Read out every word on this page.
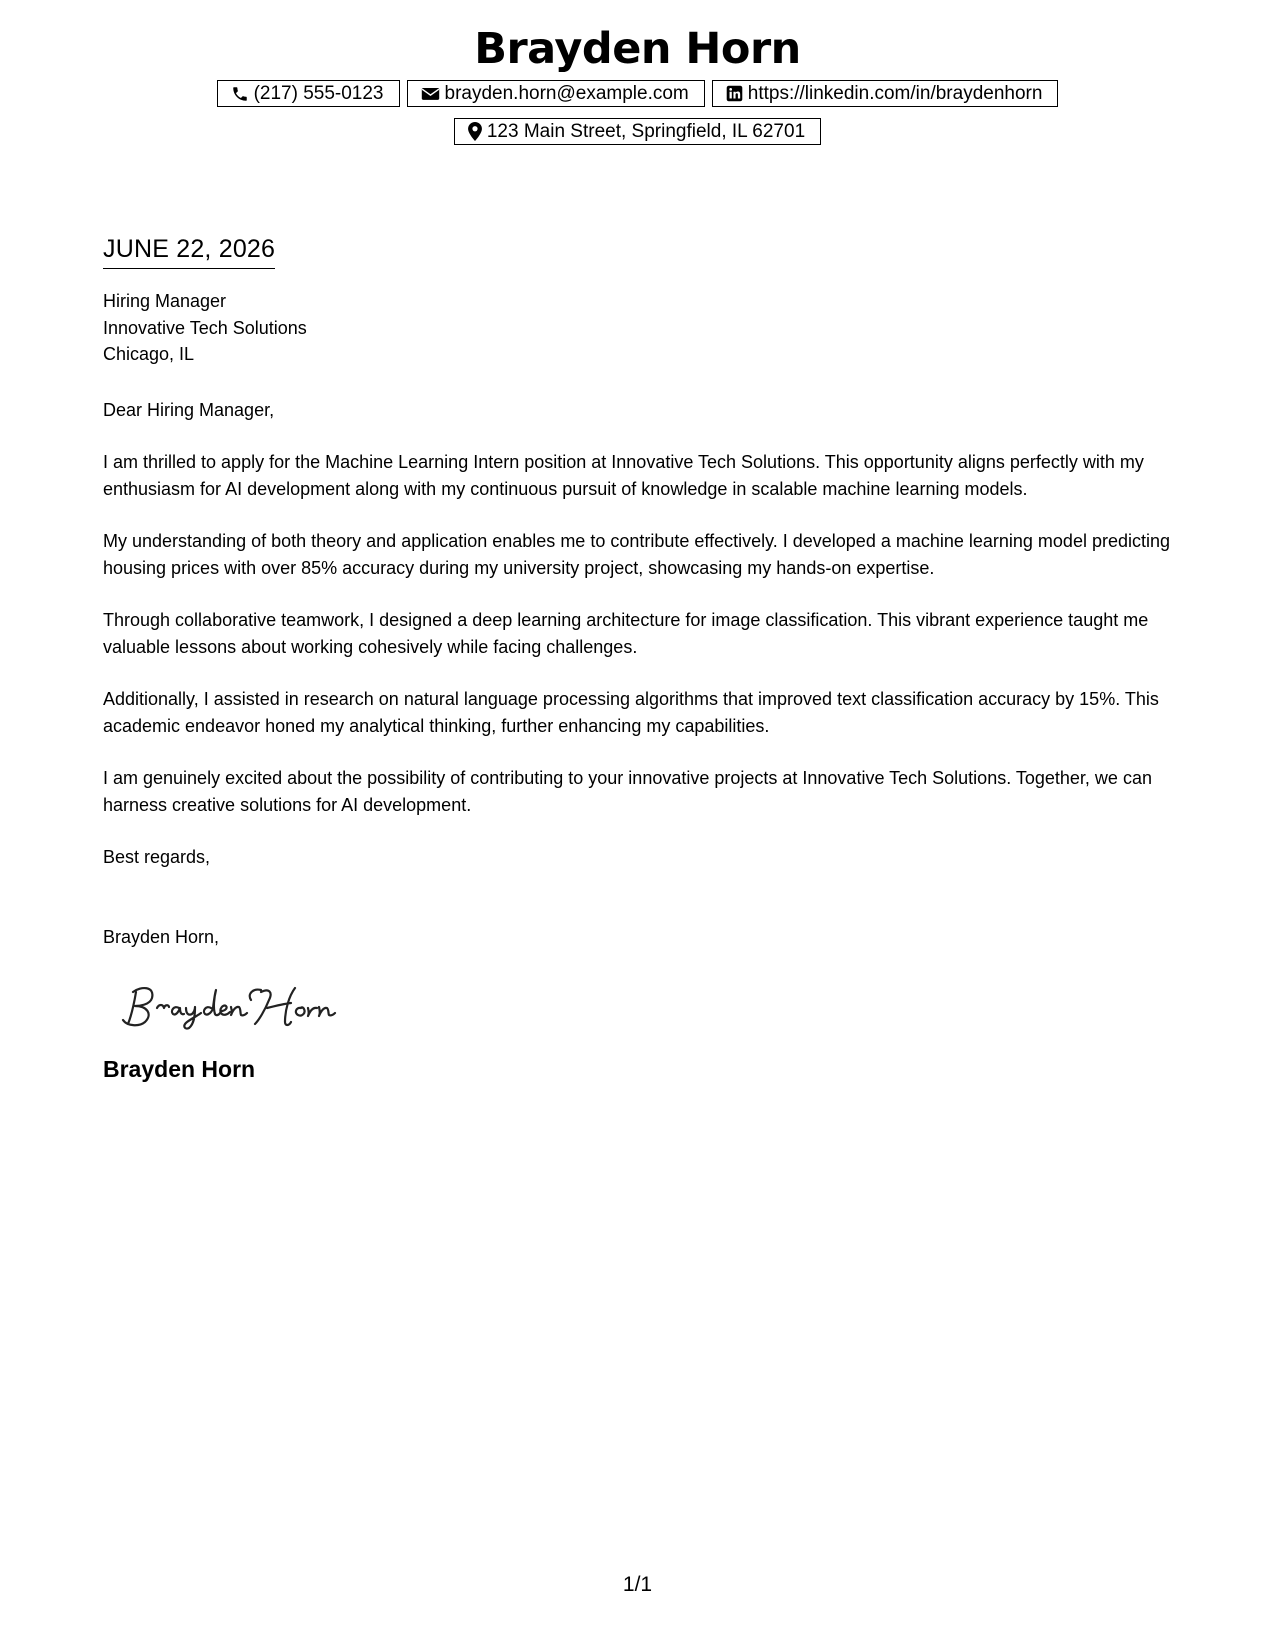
Brayden Horn
(217) 555-0123	brayden.horn@example.com	https://linkedin.com/in/braydenhorn
123 Main Street, Springfield, IL 62701
JUNE 22, 2026
Hiring Manager
Innovative Tech Solutions
Chicago, IL
Dear Hiring Manager,
I am thrilled to apply for the Machine Learning Intern position at Innovative Tech Solutions. This opportunity aligns perfectly with my enthusiasm for AI development along with my continuous pursuit of knowledge in scalable machine learning models.
My understanding of both theory and application enables me to contribute effectively. I developed a machine learning model predicting housing prices with over 85% accuracy during my university project, showcasing my hands-on expertise.
Through collaborative teamwork, I designed a deep learning architecture for image classification. This vibrant experience taught me valuable lessons about working cohesively while facing challenges.
Additionally, I assisted in research on natural language processing algorithms that improved text classification accuracy by 15%. This academic endeavor honed my analytical thinking, further enhancing my capabilities.
I am genuinely excited about the possibility of contributing to your innovative projects at Innovative Tech Solutions. Together, we can harness creative solutions for AI development.
Best regards,
Brayden Horn,
Brayden Horn
1/1
